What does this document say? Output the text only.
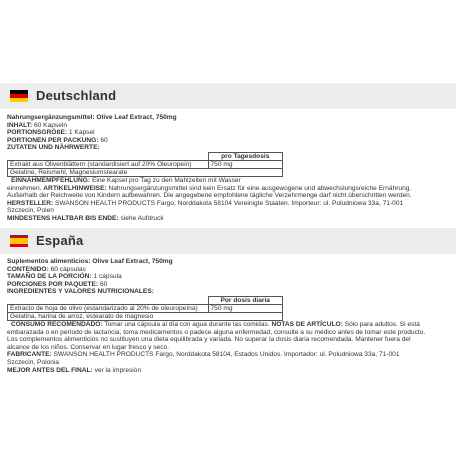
Deutschland
Nahrungsergänzungsmittel: Olive Leaf Extract, 750mg
INHALT: 60 Kapseln
PORTIONSGRÖßE: 1 Kapsel
PORTIONEN PER PACKUNG: 60
ZUTATEN UND NÄHRWERTE:
	pro Tagesdosis
Extrakt aus Olivenblättern (standardisiert auf 20% Oleuropein)	750 mg
Gelatine, Reismehl, Magnesiumstearate	
EINNAHMEMPFEHLUNG: Eine Kapsel pro Tag zu den Mahlzeiten mit Wasser
einnehmen. ARTIKELHINWEISE: Nahrungsergänzungsmittel sind kein Ersatz für eine ausgewogene und abwechslungsreiche Ernährung.
Außerhalb der Reichweite von Kindern aufbewahren. Die angegebene empfohlene tägliche Verzehrmenge darf nicht überschritten werden.
HERSTELLER: SWANSON HEALTH PRODUCTS Fargo, Norddakota 58104 Vereinigte Staaten. Importeur: ul. Poludniowa 33a, 71-001
Szczecin, Polen
MINDESTENS HALTBAR BIS ENDE: siehe Aufdruck
España
Suplementos alimenticios: Olive Leaf Extract, 750mg
CONTENIDO: 60 cápsulas
TAMAÑO DE LA PORCIÓN: 1 cápsula
PORCIONES POR PAQUETE: 60
INGREDIENTES Y VALORES NUTRICIONALES:
	Por dosis diaria
Extracto de hoja de olivo (estandarizado al 20% de oleuropeína)	750 mg
Gelatina, harina de arroz, estearato de magnesio	
CONSUMO RECOMENDADO: Tomar una cápsula al día con agua durante las comidas. NOTAS DE ARTÍCULO: Sólo para adultos. Si está
embarazada o en período de lactancia, toma medicamentos o padece alguna enfermedad, consulte a su médico antes de tomar este producto.
Los complementos alimenticios no sustituyen una dieta equilibrada y variada. No superar la dosis diaria recomendada. Mantener fuera del
alcance de los niños. Conservar en lugar fresco y seco.
FABRICANTE: SWANSON HEALTH PRODUCTS Fargo, Norddakota 58104, Estados Unidos. Importador: ul. Poludniowa 33a, 71-001
Szczecin, Polonia
MEJOR ANTES DEL FINAL: ver la impresión
